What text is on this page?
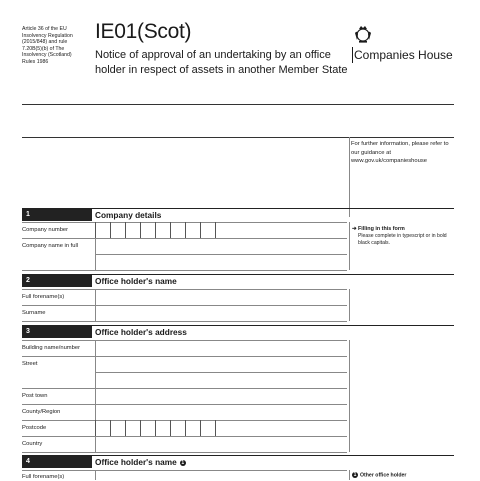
Article 36 of the EU Insolvency Regulation (2015/848) and rule 7.20B(5)(b) of The Insolvency (Scotland) Rules 1986
IE01(Scot)
Notice of approval of an undertaking by an office holder in respect of assets in another Member State
Companies House
For further information, please refer to our guidance at www.gov.uk/companieshouse
1	Company details
Company number
Company name in full
➔ Filling in this form
Please complete in typescript or in bold black capitals.
2	Office holder's name
Full forename(s)
Surname
3	Office holder's address
Building name/number
Street
Post town
County/Region
Postcode
Country
4	Office holder's name 1
Full forename(s)	1 Other office holder
